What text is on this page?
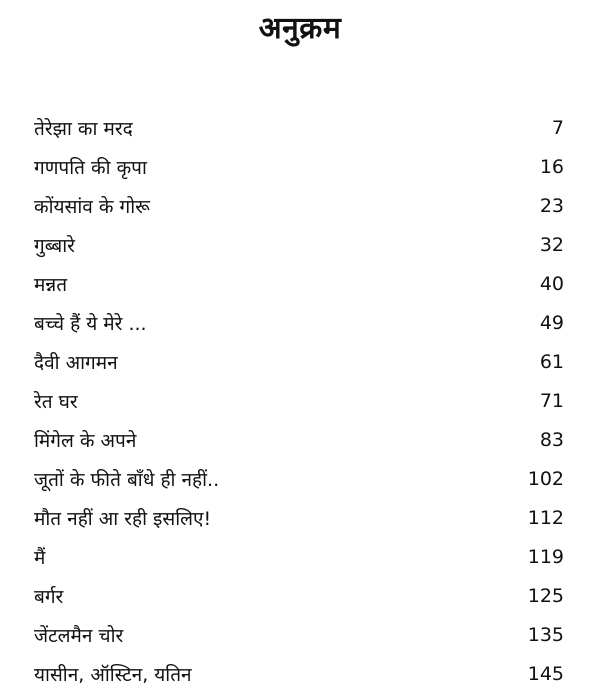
अनुक्रम
तेरेझा का मरद	7
गणपति की कृपा	16
कोंयसांव के गोरू	23
गुब्बारे	32
मन्नत	40
बच्चे हैं ये मेरे ...	49
दैवी आगमन	61
रेत घर	71
मिंगेल के अपने	83
जूतों के फीते बाँधे ही नहीं..	102
मौत नहीं आ रही इसलिए!	112
मैं	119
बर्गर	125
जेंटलमैन चोर	135
यासीन, ऑस्टिन, यतिन	145
